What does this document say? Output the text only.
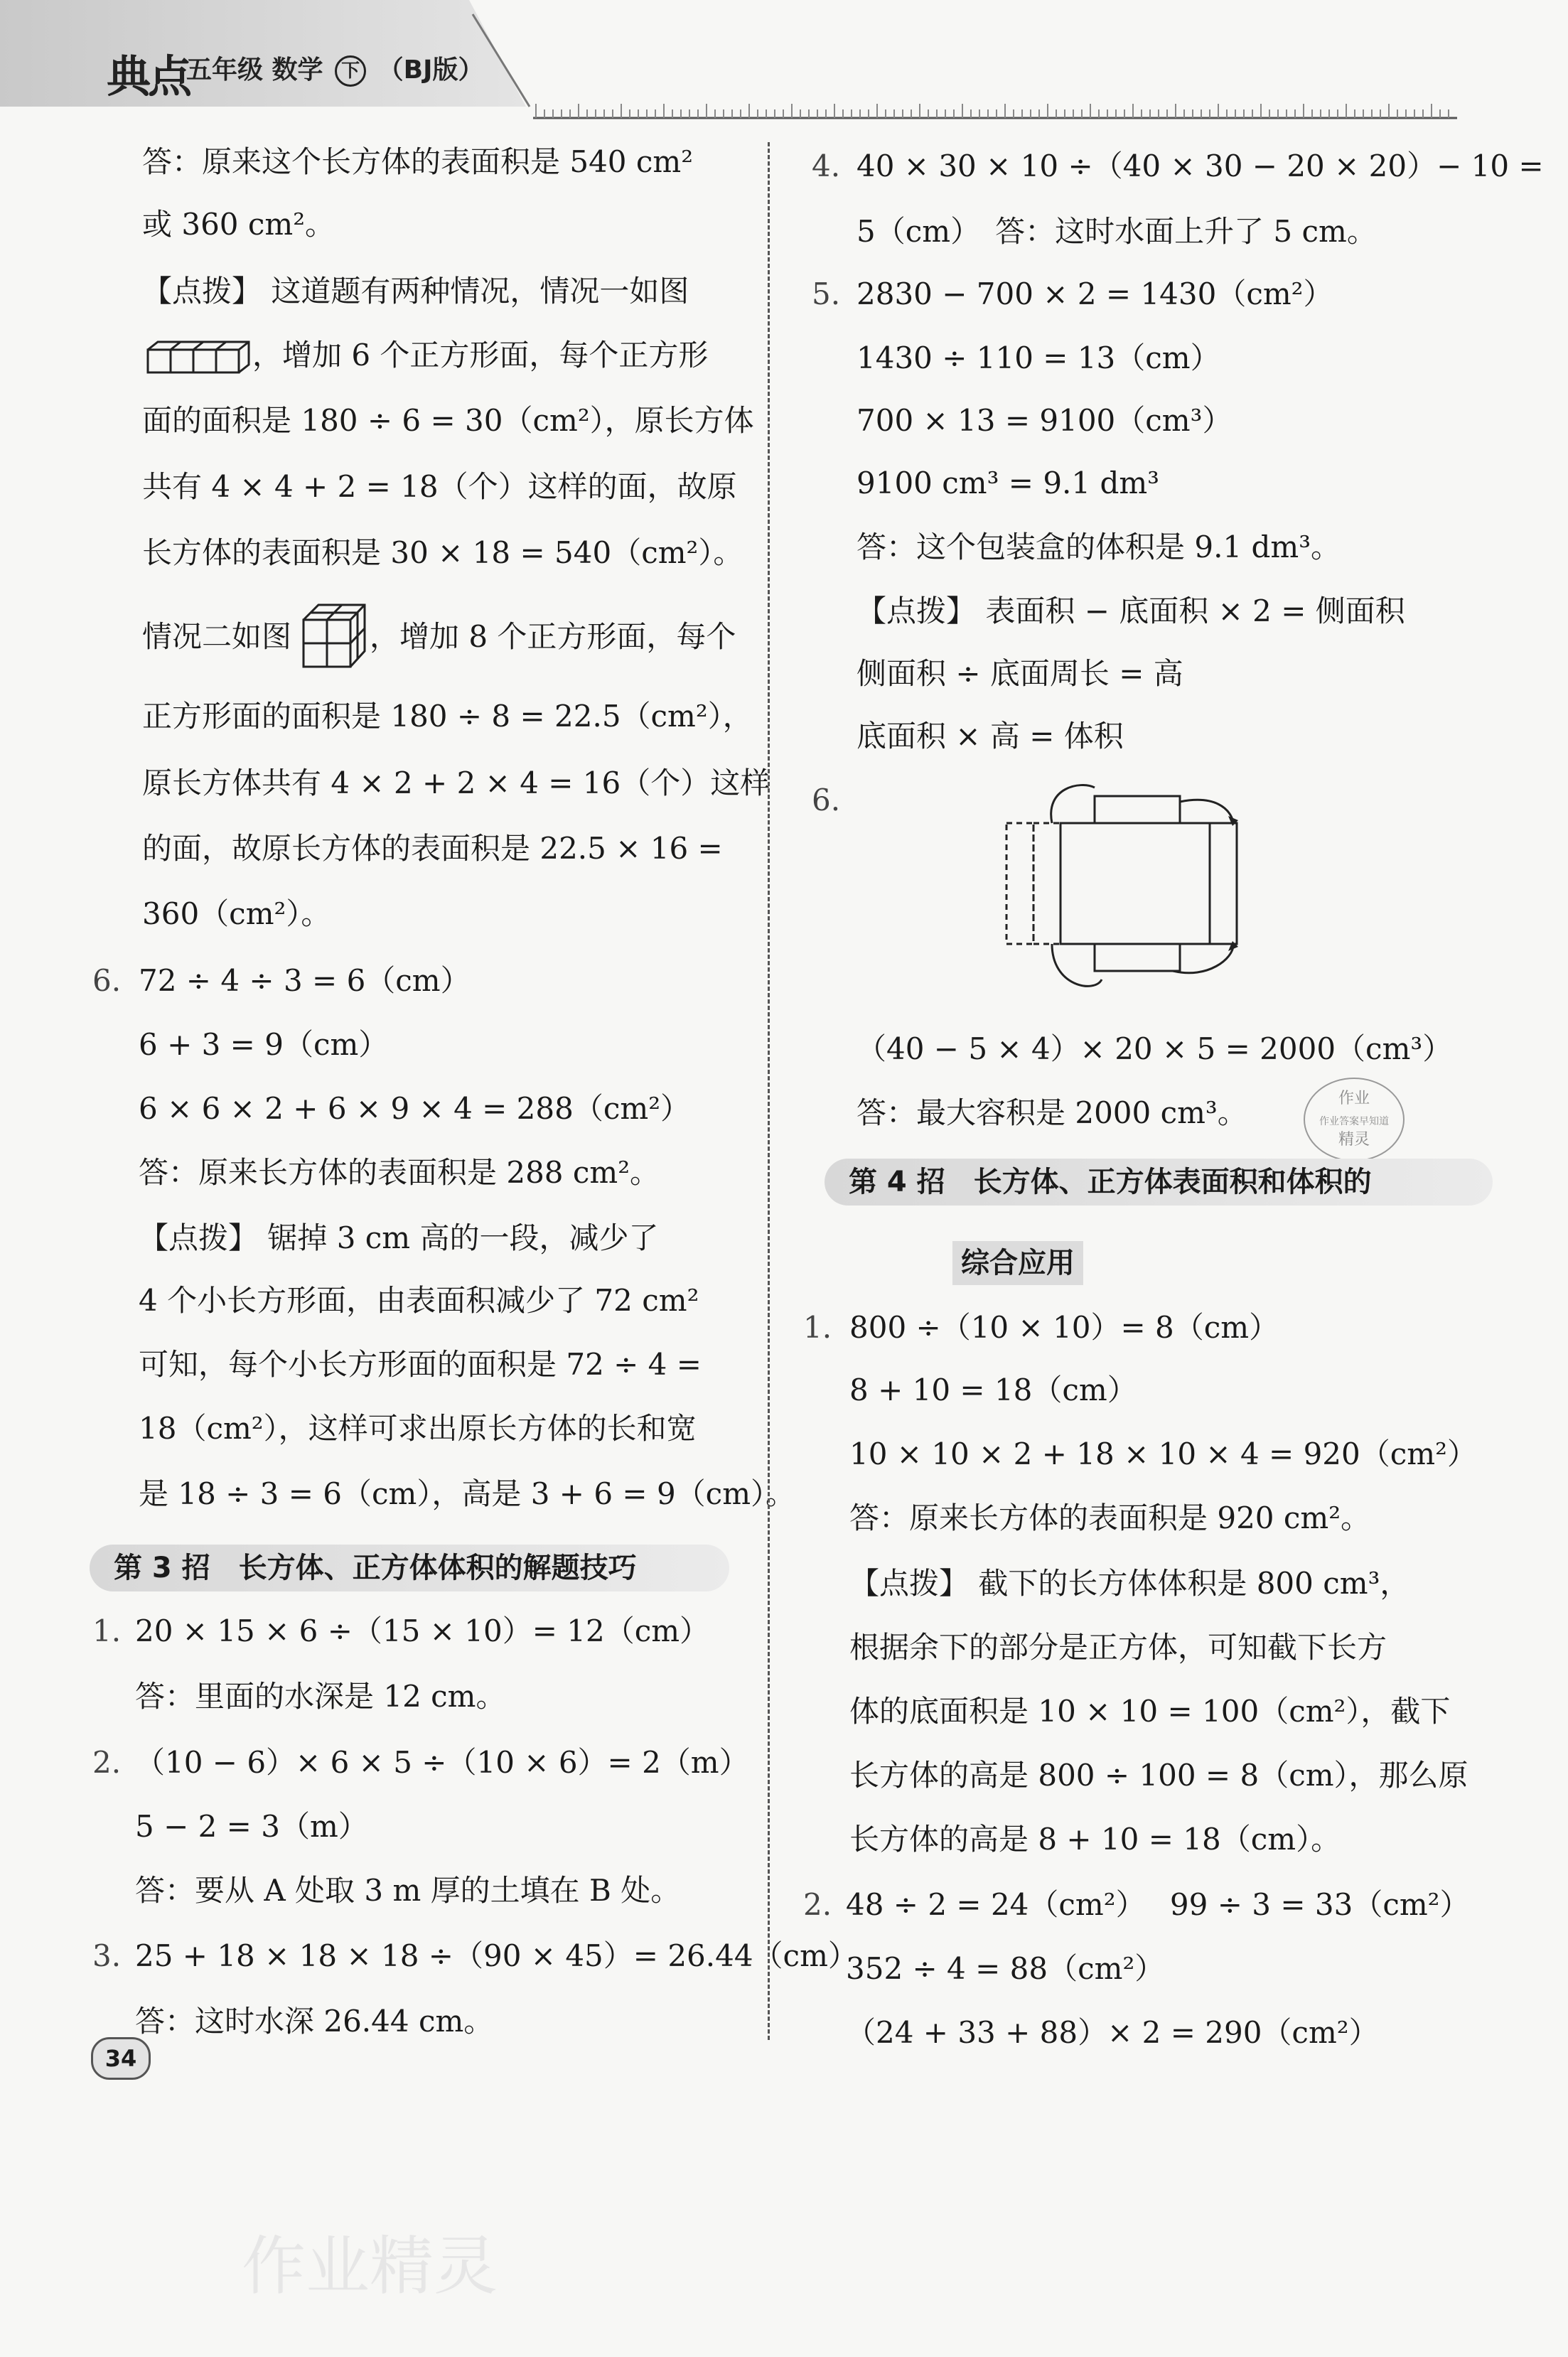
典点
五年级 数学 下 （BJ版）
答：原来这个长方体的表面积是 540 cm²
或 360 cm²。
【点拨】 这道题有两种情况，情况一如图
，增加 6 个正方形面，每个正方形
面的面积是 180 ÷ 6 = 30（cm²），原长方体
共有 4 × 4 + 2 = 18（个）这样的面，故原
长方体的表面积是 30 × 18 = 540（cm²）。
情况二如图	，增加 8 个正方形面，每个
正方形面的面积是 180 ÷ 8 = 22.5（cm²），
原长方体共有 4 × 2 + 2 × 4 = 16（个）这样
的面，故原长方体的表面积是 22.5 × 16 =
360（cm²）。
6. 72 ÷ 4 ÷ 3 = 6（cm）
6 + 3 = 9（cm）
6 × 6 × 2 + 6 × 9 × 4 = 288（cm²）
答：原来长方体的表面积是 288 cm²。
【点拨】 锯掉 3 cm 高的一段，减少了
4 个小长方形面，由表面积减少了 72 cm²
可知，每个小长方形面的面积是 72 ÷ 4 =
18（cm²），这样可求出原长方体的长和宽
是 18 ÷ 3 = 6（cm），高是 3 + 6 = 9（cm）。
第 3 招　长方体、正方体体积的解题技巧
1. 20 × 15 × 6 ÷（15 × 10）= 12（cm）
答：里面的水深是 12 cm。
2. （10 − 6）× 6 × 5 ÷（10 × 6）= 2（m）
5 − 2 = 3（m）
答：要从 A 处取 3 m 厚的土填在 B 处。
3. 25 + 18 × 18 × 18 ÷（90 × 45）= 26.44（cm）
答：这时水深 26.44 cm。
4. 40 × 30 × 10 ÷（40 × 30 − 20 × 20）− 10 =
5（cm）　答：这时水面上升了 5 cm。
5. 2830 − 700 × 2 = 1430（cm²）
1430 ÷ 110 = 13（cm）
700 × 13 = 9100（cm³）
9100 cm³ = 9.1 dm³
答：这个包装盒的体积是 9.1 dm³。
【点拨】 表面积 − 底面积 × 2 = 侧面积
侧面积 ÷ 底面周长 = 高
底面积 × 高 = 体积
6.
（40 − 5 × 4）× 20 × 5 = 2000（cm³）
答：最大容积是 2000 cm³。	作业
作业答案早知道
精灵
第 4 招　长方体、正方体表面积和体积的
综合应用
1. 800 ÷（10 × 10）= 8（cm）
8 + 10 = 18（cm）
10 × 10 × 2 + 18 × 10 × 4 = 920（cm²）
答：原来长方体的表面积是 920 cm²。
【点拨】 截下的长方体体积是 800 cm³，
根据余下的部分是正方体，可知截下长方
体的底面积是 10 × 10 = 100（cm²），截下
长方体的高是 800 ÷ 100 = 8（cm），那么原
长方体的高是 8 + 10 = 18（cm）。
2. 48 ÷ 2 = 24（cm²）　 99 ÷ 3 = 33（cm²）
352 ÷ 4 = 88（cm²）
（24 + 33 + 88）× 2 = 290（cm²）
34
作业精灵
